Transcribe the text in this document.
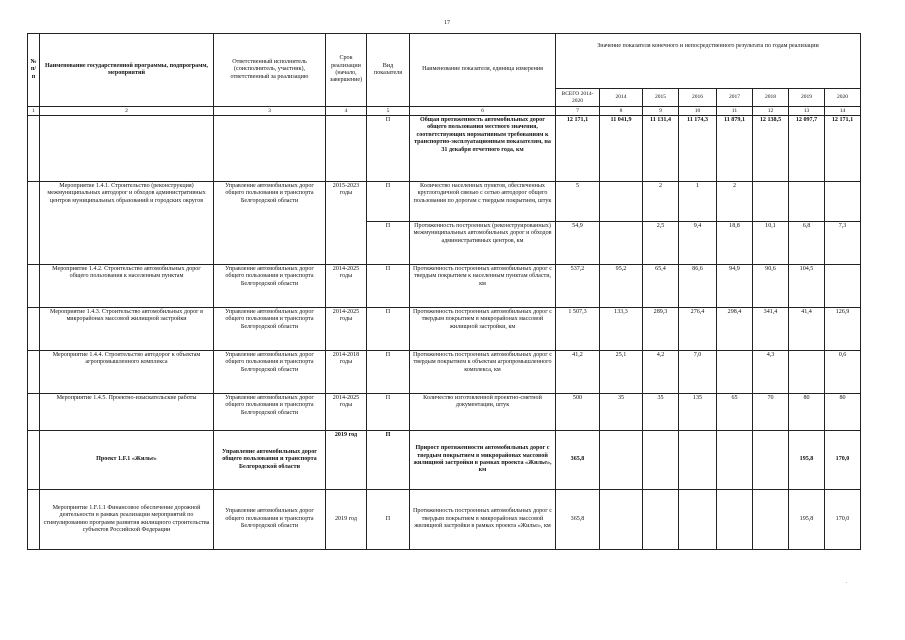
17
№ п/п	Наименование государственной программы, подпрограмм, мероприятий	Ответственный исполнитель (соисполнитель, участник), ответственный за реализацию	Срок реализации (начало, завершение)	Вид показателя	Наименование показателя, единица измерения	Значение показателя конечного и непосредственного результата по годам реализации							
						ВСЕГО 2014-2020	2014	2015	2016	2017	2018	2019	2020
1	2	3	4	5	6	7	8	9	10	11	12	13	14
				П	Общая протяженность автомобильных дорог общего пользования местного значения, соответствующих нормативным требованиям к транспортно-эксплуатационным показателям, на 31 декабря отчетного года, км	12 171,1	11 041,9	11 131,4	11 174,3	11 879,1	12 138,5	12 097,7	12 171,1
	Мероприятие 1.4.1. Строительство (реконструкция) межмуниципальных автодорог и обходов административных центров муниципальных образований и городских округов	Управление автомобильных дорог общего пользования и транспорта Белгородской области	2015-2023 годы	П	Количество населенных пунктов, обеспеченных круглогодичной связью с сетью автодорог общего пользования по дорогам с твердым покрытием, штук	5		2	1	2			
				П	Протяженность построенных (реконструированных) межмуниципальных автомобильных дорог и обходов административных центров, км	54,9		2,5	9,4	18,8	10,1	6,8	7,3
	Мероприятие 1.4.2. Строительство автомобильных дорог общего пользования к населенным пунктам	Управление автомобильных дорог общего пользования и транспорта Белгородской области	2014-2025 годы	П	Протяженность построенных автомобильных дорог с твердым покрытием к населенным пунктам области, км	537,2	95,2	65,4	86,6	94,9	90,6	104,5	
	Мероприятие 1.4.3. Строительство автомобильных дорог в микрорайонах массовой жилищной застройки	Управление автомобильных дорог общего пользования и транспорта Белгородской области	2014-2025 годы	П	Протяженность построенных автомобильных дорог с твердым покрытием в микрорайонах массовой жилищной застройки, км	1 507,3	133,3	289,3	276,4	298,4	341,4	41,4	126,9
	Мероприятие 1.4.4. Строительство автодорог к объектам агропромышленного комплекса	Управление автомобильных дорог общего пользования и транспорта Белгородской области	2014-2018 годы	П	Протяженность построенных автомобильных дорог с твердым покрытием к объектам агропромышленного комплекса, км	41,2	25,1	4,2	7,0		4,3		0,6
	Мероприятие 1.4.5. Проектно-изыскательские работы	Управление автомобильных дорог общего пользования и транспорта Белгородской области	2014-2025 годы	П	Количество изготовленной проектно-сметной документации, штук	500	35	35	135	65	70	80	80
	Проект 1.F.1 «Жилье»	Управление автомобильных дорог общего пользования и транспорта Белгородской области	2019 год	П	Прирост протяженности автомобильных дорог с твердым покрытием в микрорайонах массовой жилищной застройки в рамках проекта «Жилье», км	365,8						195,8	170,0
	Мероприятие 1.F.1.1 Финансовое обеспечение дорожной деятельности в рамках реализации мероприятий по стимулированию программ развития жилищного строительства субъектов Российской Федерации	Управление автомобильных дорог общего пользования и транспорта Белгородской области	2019 год	П	Протяженность построенных автомобильных дорог с твердым покрытием в микрорайонах массовой жилищной застройки в рамках проекта «Жилье», км	365,8						195,8	170,0
.
